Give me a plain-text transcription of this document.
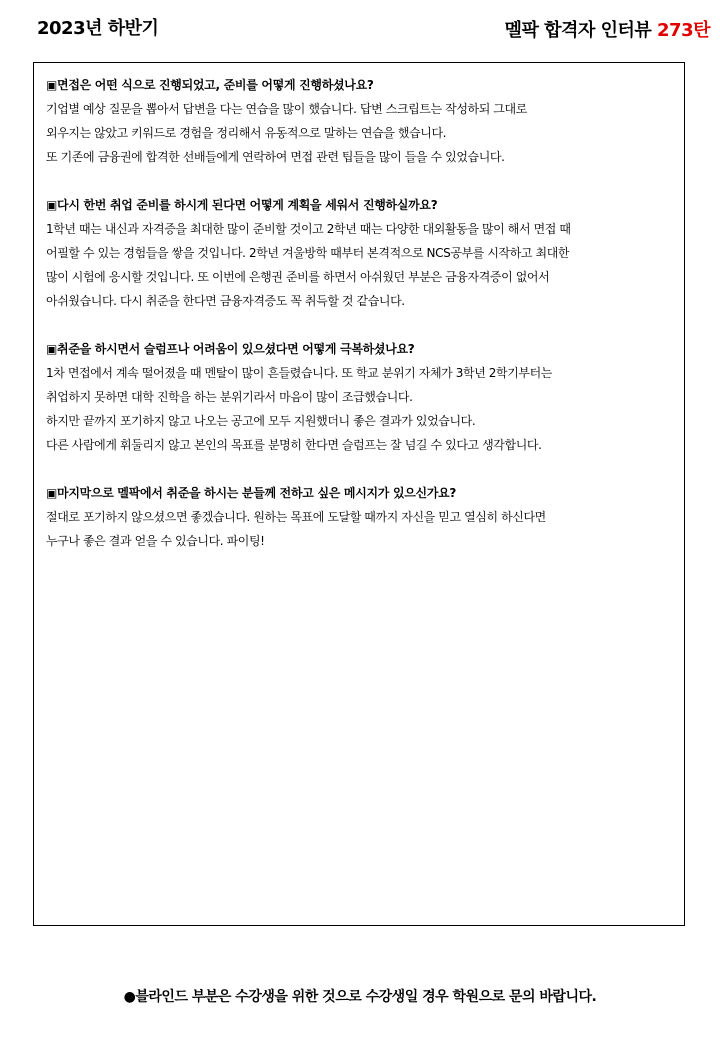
2023년 하반기	멜팍 합격자 인터뷰 273탄
▣면접은 어떤 식으로 진행되었고, 준비를 어떻게 진행하셨나요?
기업별 예상 질문을 뽑아서 답변을 다는 연습을 많이 했습니다. 답변 스크립트는 작성하되 그대로
외우지는 않았고 키워드로 경험을 정리해서 유동적으로 말하는 연습을 했습니다.
또 기존에 금융권에 합격한 선배들에게 연락하여 면접 관련 팁들을 많이 들을 수 있었습니다.
▣다시 한번 취업 준비를 하시게 된다면 어떻게 계획을 세워서 진행하실까요?
1학년 때는 내신과 자격증을 최대한 많이 준비할 것이고 2학년 때는 다양한 대외활동을 많이 해서 면접 때
어필할 수 있는 경험들을 쌓을 것입니다. 2학년 겨울방학 때부터 본격적으로 NCS공부를 시작하고 최대한
많이 시험에 응시할 것입니다. 또 이번에 은행권 준비를 하면서 아쉬웠던 부분은 금융자격증이 없어서
아쉬웠습니다. 다시 취준을 한다면 금융자격증도 꼭 취득할 것 같습니다.
▣취준을 하시면서 슬럼프나 어려움이 있으셨다면 어떻게 극복하셨나요?
1차 면접에서 계속 떨어졌을 때 멘탈이 많이 흔들렸습니다. 또 학교 분위기 자체가 3학년 2학기부터는
취업하지 못하면 대학 진학을 하는 분위기라서 마음이 많이 조급했습니다.
하지만 끝까지 포기하지 않고 나오는 공고에 모두 지원했더니 좋은 결과가 있었습니다.
다른 사람에게 휘둘리지 않고 본인의 목표를 분명히 한다면 슬럼프는 잘 넘길 수 있다고 생각합니다.
▣마지막으로 멜팍에서 취준을 하시는 분들께 전하고 싶은 메시지가 있으신가요?
절대로 포기하지 않으셨으면 좋겠습니다. 원하는 목표에 도달할 때까지 자신을 믿고 열심히 하신다면
누구나 좋은 결과 얻을 수 있습니다. 파이팅!
●블라인드 부분은 수강생을 위한 것으로 수강생일 경우 학원으로 문의 바랍니다.
